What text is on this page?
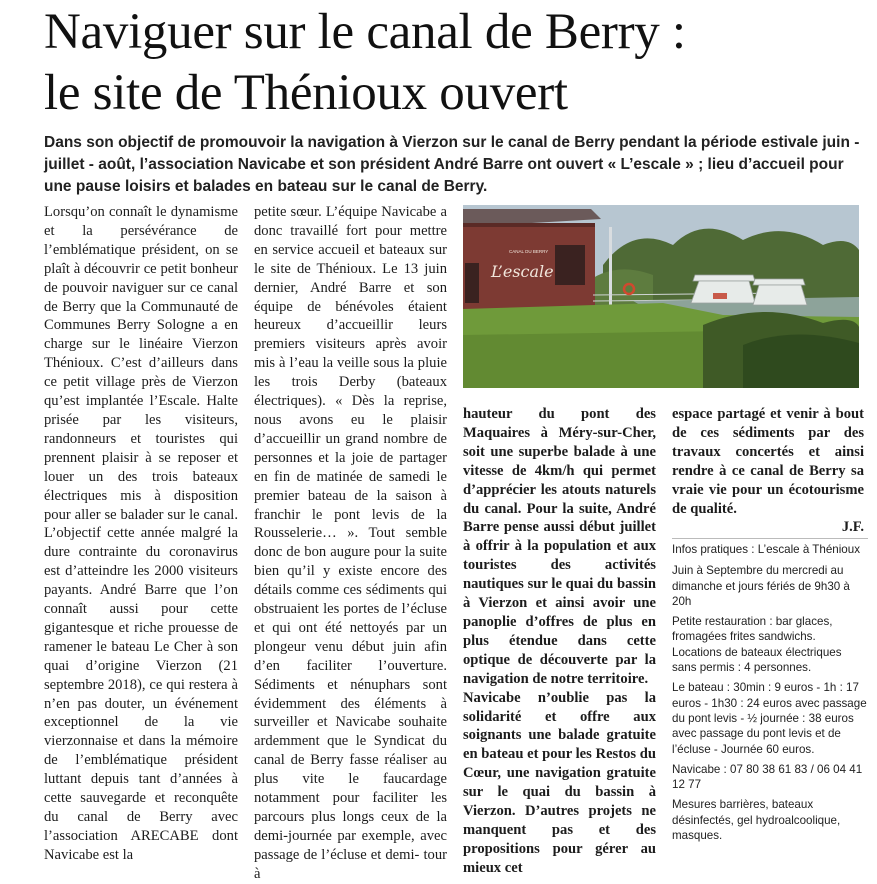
Naviguer sur le canal de Berry :
le site de Thénioux ouvert

Dans son objectif de promouvoir la navigation à Vierzon sur le canal de Berry pendant la période estivale juin - juillet - août, l’association Navicabe et son président André Barre ont ouvert « L’escale » ; lieu d’accueil pour une pause loisirs et balades en bateau sur le canal de Berry.

Lorsqu’on connaît le dynamisme et la persévérance de l’emblématique président, on se plaît à découvrir ce petit bonheur de pouvoir naviguer sur ce canal de Berry que la Communauté de Communes Berry Sologne a en charge sur le linéaire Vierzon Thénioux. C’est d’ailleurs dans ce petit village près de Vierzon qu’est implantée l’Escale. Halte prisée par les visiteurs, randonneurs et touristes qui prennent plaisir à se reposer et louer un des trois bateaux électriques mis à disposition pour aller se balader sur le canal. L’objectif cette année malgré la dure contrainte du coronavirus est d’atteindre les 2000 visiteurs payants. André Barre que l’on connaît aussi pour cette gigantesque et riche prouesse de ramener le bateau Le Cher à son quai d’origine Vierzon (21 septembre 2018), ce qui restera à n’en pas douter, un événement exceptionnel de la vie vierzonnaise et dans la mémoire de l’emblématique président luttant depuis tant d’années à cette sauvegarde et reconquête du canal de Berry avec l’association ARECABE dont Navicabe est la

petite sœur. L’équipe Navicabe a donc travaillé fort pour mettre en service accueil et bateaux sur le site de Thénioux. Le 13 juin dernier, André Barre et son équipe de bénévoles étaient heureux d’accueillir leurs premiers visiteurs après avoir mis à l’eau la veille sous la pluie les trois Derby (bateaux électriques). « Dès la reprise, nous avons eu le plaisir d’accueillir un grand nombre de personnes et la joie de partager en fin de matinée de samedi le premier bateau de la saison à franchir le pont levis de la Rousselerie… ». Tout semble donc de bon augure pour la suite bien qu’il y existe encore des détails comme ces sédiments qui obstruaient les portes de l’écluse et qui ont été nettoyés par un plongeur venu début juin afin d’en faciliter l’ouverture. Sédiments et nénuphars sont évidemment des éléments à surveiller et Navicabe souhaite ardemment que le Syndicat du canal de Berry fasse réaliser au plus vite le faucardage notamment pour faciliter les parcours plus longs ceux de la demi-journée par exemple, avec passage de l’écluse et demi- tour à

L’escale
CANAL DU BERRY

hauteur du pont des Maquaires à Méry-sur-Cher, soit une superbe balade à une vitesse de 4km/h qui permet d’apprécier les atouts naturels du canal. Pour la suite, André Barre pense aussi début juillet à offrir à la population et aux touristes des activités nautiques sur le quai du bassin à Vierzon et ainsi avoir une panoplie d’offres de plus en plus étendue dans cette optique de découverte par la navigation de notre territoire.

Navicabe n’oublie pas la solidarité et offre aux soignants une balade gratuite en bateau et pour les Restos du Cœur, une navigation gratuite sur le quai du bassin à Vierzon. D’autres projets ne manquent pas et des propositions pour gérer au mieux cet

espace partagé et venir à bout de ces sédiments par des travaux concertés et ainsi rendre à ce canal de Berry sa vraie vie pour un écotourisme de qualité.

J.F.

Infos pratiques : L’escale à Thénioux
Juin à Septembre du mercredi au dimanche et jours fériés de 9h30 à 20h
Petite restauration : bar glaces, fromagées frites sandwichs. Locations de bateaux électriques sans permis : 4 personnes.
Le bateau : 30min : 9 euros - 1h : 17 euros - 1h30 : 24 euros avec passage du pont levis - ½ journée : 38 euros avec passage du pont levis et de l’écluse - Journée 60 euros.
Navicabe : 07 80 38 61 83 / 06 04 41 12 77
Mesures barrières, bateaux désinfectés, gel hydroalcoolique, masques.
